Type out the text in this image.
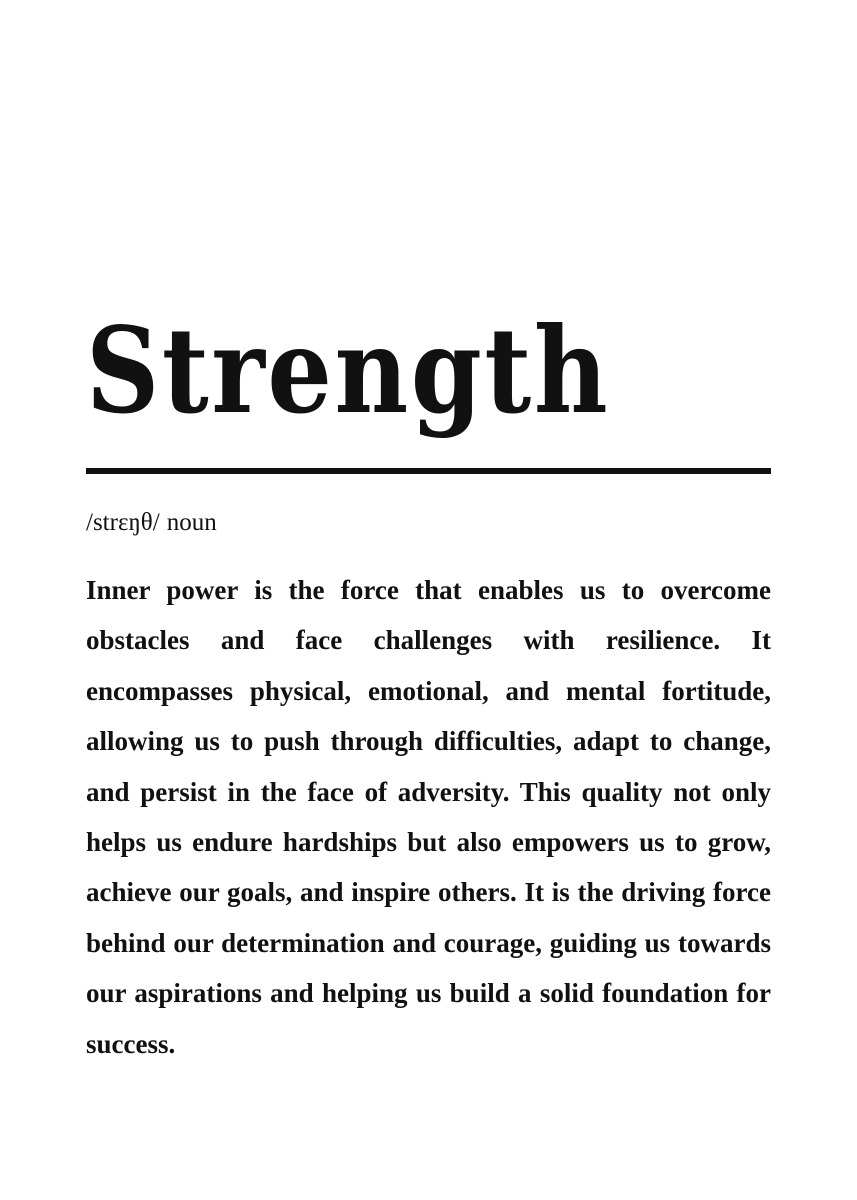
Strength
/strɛŋθ/ noun

Inner power is the force that enables us to overcome obstacles and face challenges with resilience. It encompasses physical, emotional, and mental fortitude, allowing us to push through difficulties, adapt to change, and persist in the face of adversity. This quality not only helps us endure hardships but also empowers us to grow, achieve our goals, and inspire others. It is the driving force behind our determination and courage, guiding us towards our aspirations and helping us build a solid foundation for success.
